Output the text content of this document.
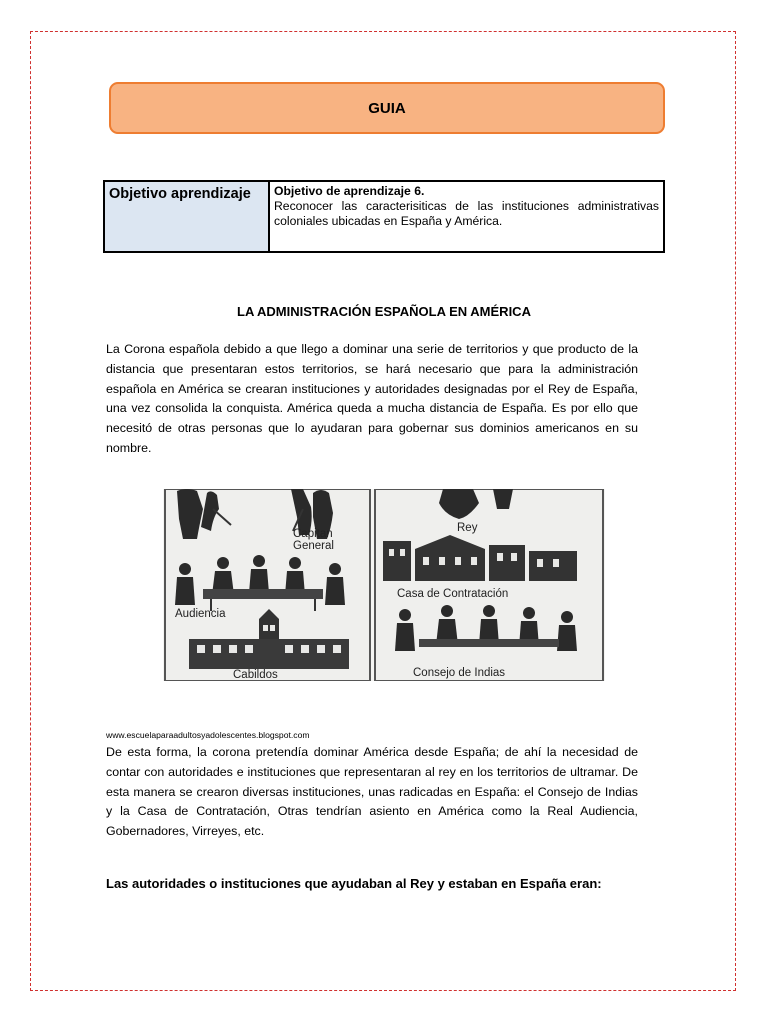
GUIA
Objetivo aprendizaje	Objetivo de aprendizaje 6.
Reconocer las caracterisiticas de las instituciones administrativas coloniales ubicadas en España y América.
LA ADMINISTRACIÓN ESPAÑOLA EN AMÉRICA
La Corona española debido a que llego a dominar una serie de territorios y que producto de la distancia que presentaran estos territorios, se hará necesario que para la administración española en América se crearan instituciones y autoridades designadas por el Rey de España, una vez consolida la conquista. América queda a mucha distancia de España. Es por ello que necesitó de otras personas que lo ayudaran para gobernar sus dominios americanos en su nombre.
Capitan
General
Audiencia
Cabildos
Rey
Casa de Contratación
Consejo de Indias
www.escuelaparaadultosyadolescentes.blogspot.com
De esta forma, la corona pretendía dominar América desde España; de ahí la necesidad de contar con autoridades e instituciones que representaran al rey en los territorios de ultramar. De esta manera se crearon diversas instituciones, unas radicadas en España: el Consejo de Indias y la Casa de Contratación, Otras tendrían asiento en América como la Real Audiencia, Gobernadores, Virreyes, etc.
Las autoridades o instituciones que ayudaban al Rey y estaban en España eran:
